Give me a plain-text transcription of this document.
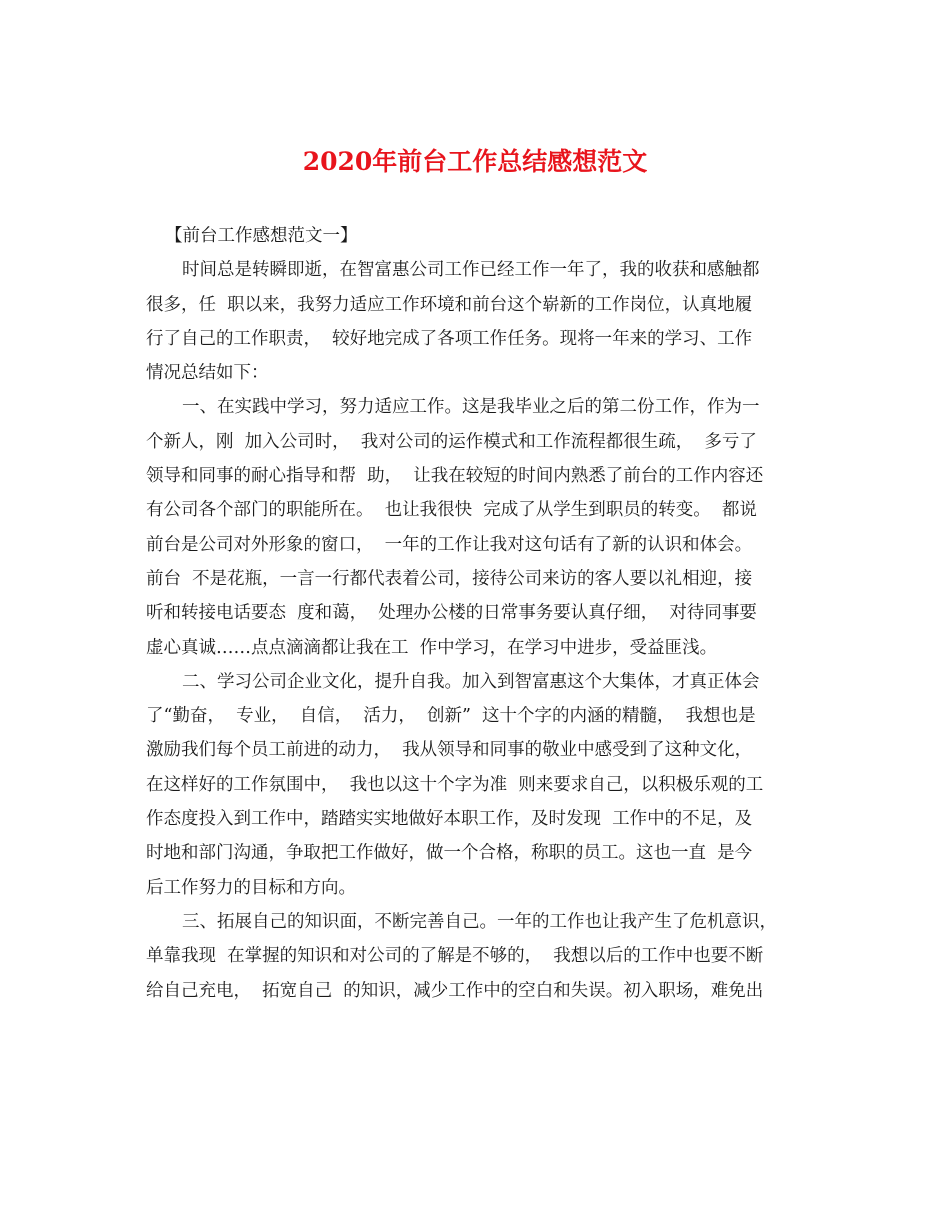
2020年前台工作总结感想范文

【前台工作感想范文一】

时间总是转瞬即逝，在智富惠公司工作已经工作一年了，我的收获和感触都

很多，任  职以来，我努力适应工作环境和前台这个崭新的工作岗位，认真地履

行了自己的工作职责，  较好地完成了各项工作任务。现将一年来的学习、工作

情况总结如下：

一、在实践中学习，努力适应工作。这是我毕业之后的第二份工作，作为一

个新人，刚  加入公司时，  我对公司的运作模式和工作流程都很生疏，  多亏了

领导和同事的耐心指导和帮  助，  让我在较短的时间内熟悉了前台的工作内容还

有公司各个部门的职能所在。  也让我很快  完成了从学生到职员的转变。  都说

前台是公司对外形象的窗口，  一年的工作让我对这句话有了新的认识和体会。

前台  不是花瓶，一言一行都代表着公司，接待公司来访的客人要以礼相迎，接

听和转接电话要态  度和蔼，  处理办公楼的日常事务要认真仔细，  对待同事要

虚心真诚……点点滴滴都让我在工  作中学习，在学习中进步，受益匪浅。

二、学习公司企业文化，提升自我。加入到智富惠这个大集体，才真正体会

了“勤奋，  专业，  自信，  活力，  创新”  这十个字的内涵的精髓，  我想也是

激励我们每个员工前进的动力，  我从领导和同事的敬业中感受到了这种文化，

在这样好的工作氛围中，  我也以这十个字为准  则来要求自己，以积极乐观的工

作态度投入到工作中，踏踏实实地做好本职工作，及时发现  工作中的不足，及

时地和部门沟通，争取把工作做好，做一个合格，称职的员工。这也一直  是今

后工作努力的目标和方向。

三、拓展自己的知识面，不断完善自己。一年的工作也让我产生了危机意识，

单靠我现  在掌握的知识和对公司的了解是不够的，  我想以后的工作中也要不断

给自己充电，  拓宽自己  的知识，减少工作中的空白和失误。初入职场，难免出
